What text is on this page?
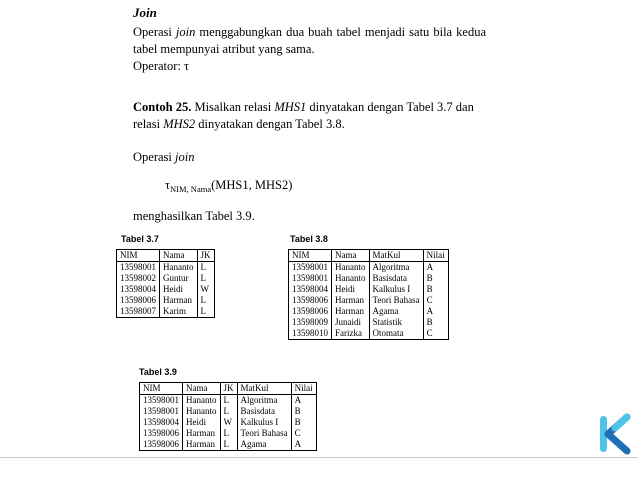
Join
Operasi join menggabungkan dua buah tabel menjadi satu bila kedua tabel mempunyai atribut yang sama.
Operator: τ
Contoh 25. Misalkan relasi MHS1 dinyatakan dengan Tabel 3.7 dan relasi MHS2 dinyatakan dengan Tabel 3.8.
Operasi join
$\tau_{NIM, Nama}(MHS1$, MHS2)
menghasilkan Tabel 3.9.
Tabel 3.7	Tabel 3.8
Tabel 3.9
NIM	Nama	JK
13598001	Hananto	L
13598002	Guntur	L
13598004	Heidi	W
13598006	Harman	L
13598007	Karim	L
NIM	Nama	MatKul	Nilai
13598001	Hananto	Algoritma	A
13598001	Hananto	Basisdata	B
13598004	Heidi	Kalkulus I	B
13598006	Harman	Teori Bahasa	C
13598006	Harman	Agama	A
13598009	Junaidi	Statistik	B
13598010	Farizka	Otomata	C
NIM	Nama	JK	MatKul	Nilai
13598001	Hananto	L	Algoritma	A
13598001	Hananto	L	Basisdata	B
13598004	Heidi	W	Kalkulus I	B
13598006	Harman	L	Teori Bahasa	C
13598006	Harman	L	Agama	A
